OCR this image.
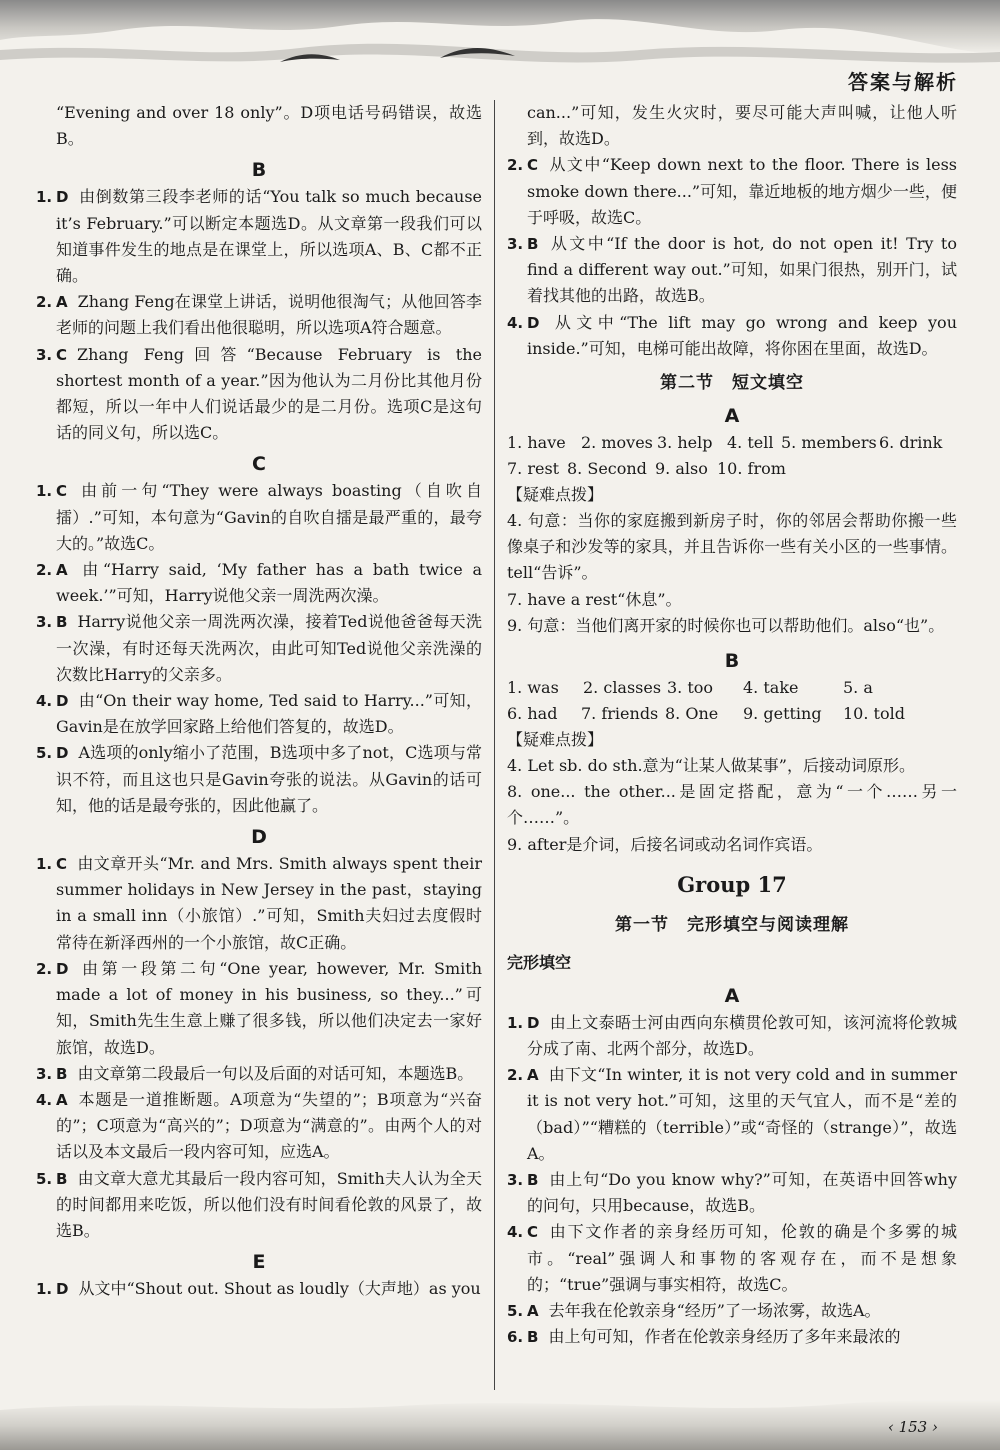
答案与解析
“Evening and over 18 only”。D项电话号码错误，故选B。
B
1. D 由倒数第三段李老师的话“You talk so much because it’s February.”可以断定本题选D。从文章第一段我们可以知道事件发生的地点是在课堂上，所以选项A、B、C都不正确。
2. A Zhang Feng在课堂上讲话，说明他很淘气；从他回答李老师的问题上我们看出他很聪明，所以选项A符合题意。
3. C Zhang Feng回答“Because February is the shortest month of a year.”因为他认为二月份比其他月份都短，所以一年中人们说话最少的是二月份。选项C是这句话的同义句，所以选C。
C
1. C 由前一句“They were always boasting（自吹自擂）.”可知，本句意为“Gavin的自吹自擂是最严重的，最夸大的。”故选C。
2. A 由“Harry said, ‘My father has a bath twice a week.’”可知，Harry说他父亲一周洗两次澡。
3. B Harry说他父亲一周洗两次澡，接着Ted说他爸爸每天洗一次澡，有时还每天洗两次，由此可知Ted说他父亲洗澡的次数比Harry的父亲多。
4. D 由“On their way home, Ted said to Harry...”可知，Gavin是在放学回家路上给他们答复的，故选D。
5. D A选项的only缩小了范围，B选项中多了not，C选项与常识不符，而且这也只是Gavin夸张的说法。从Gavin的话可知，他的话是最夸张的，因此他赢了。
D
1. C 由文章开头“Mr. and Mrs. Smith always spent their summer holidays in New Jersey in the past，staying in a small inn（小旅馆）.”可知，Smith夫妇过去度假时常待在新泽西州的一个小旅馆，故C正确。
2. D 由第一段第二句“One year, however, Mr. Smith made a lot of money in his business, so they...”可知，Smith先生生意上赚了很多钱，所以他们决定去一家好旅馆，故选D。
3. B 由文章第二段最后一句以及后面的对话可知，本题选B。
4. A 本题是一道推断题。A项意为“失望的”；B项意为“兴奋的”；C项意为“高兴的”；D项意为“满意的”。由两个人的对话以及本文最后一段内容可知，应选A。
5. B 由文章大意尤其最后一段内容可知，Smith夫人认为全天的时间都用来吃饭，所以他们没有时间看伦敦的风景了，故选B。
E
1. D 从文中“Shout out. Shout as loudly（大声地）as you
can...”可知，发生火灾时，要尽可能大声叫喊，让他人听到，故选D。
2. C 从文中“Keep down next to the floor. There is less smoke down there...”可知，靠近地板的地方烟少一些，便于呼吸，故选C。
3. B 从文中“If the door is hot, do not open it! Try to find a different way out.”可知，如果门很热，别开门，试着找其他的出路，故选B。
4. D 从文中“The lift may go wrong and keep you inside.”可知，电梯可能出故障，将你困在里面，故选D。
第二节　短文填空
A
1. have 2. moves 3. help 4. tell 5. members 6. drink
7. rest 8. Second 9. also 10. from
【疑难点拨】
4. 句意：当你的家庭搬到新房子时，你的邻居会帮助你搬一些像桌子和沙发等的家具，并且告诉你一些有关小区的一些事情。tell“告诉”。
7. have a rest“休息”。
9. 句意：当他们离开家的时候你也可以帮助他们。also“也”。
B
1. was	2. classes 3. too	4. take	5. a
6. had	7. friends 8. One	9. getting	10. told
【疑难点拨】
4. Let sb. do sth.意为“让某人做某事”，后接动词原形。
8. one... the other...是固定搭配，意为“一个……另一个……”。
9. after是介词，后接名词或动名词作宾语。
Group 17
第一节　完形填空与阅读理解
完形填空
A
1. D 由上文泰晤士河由西向东横贯伦敦可知，该河流将伦敦城分成了南、北两个部分，故选D。
2. A 由下文“In winter, it is not very cold and in summer it is not very hot.”可知，这里的天气宜人，而不是“差的（bad）”“糟糕的（terrible）”或“奇怪的（strange）”，故选A。
3. B 由上句“Do you know why?”可知，在英语中回答why的问句，只用because，故选B。
4. C 由下文作者的亲身经历可知，伦敦的确是个多雾的城市。“real”强调人和事物的客观存在，而不是想象的；“true”强调与事实相符，故选C。
5. A 去年我在伦敦亲身“经历”了一场浓雾，故选A。
6. B 由上句可知，作者在伦敦亲身经历了多年来最浓的
‹ 153 ›
